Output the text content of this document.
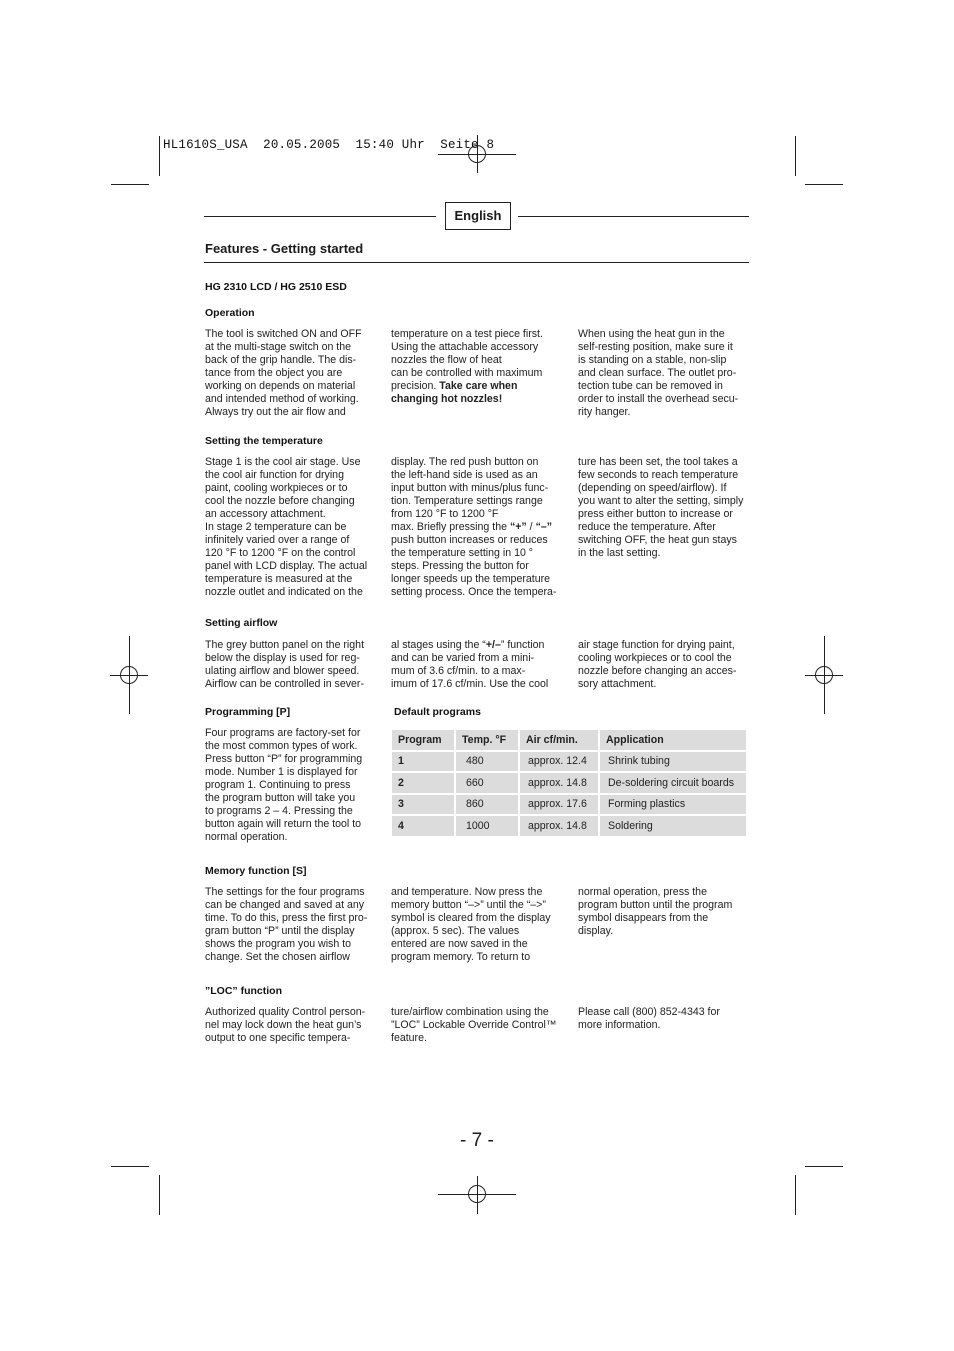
HL1610S_USA  20.05.2005  15:40 Uhr  Seite 8
English
Features - Getting started
HG 2310 LCD / HG 2510 ESD
Operation
The tool is switched ON and OFF
at the multi-stage switch on the
back of the grip handle. The dis-
tance from the object you are
working on depends on material
and intended method of working.
Always try out the air flow and
temperature on a test piece first.
Using the attachable accessory
nozzles the flow of heat
can be controlled with maximum
precision. Take care when
changing hot nozzles!
When using the heat gun in the
self-resting position, make sure it
is standing on a stable, non-slip
and clean surface. The outlet pro-
tection tube can be removed in
order to install the overhead secu-
rity hanger.
Setting the temperature
Stage 1 is the cool air stage. Use
the cool air function for drying
paint, cooling workpieces or to
cool the nozzle before changing
an accessory attachment.
In stage 2 temperature can be
infinitely varied over a range of
120 °F to 1200 °F on the control
panel with LCD display. The actual
temperature is measured at the
nozzle outlet and indicated on the
display. The red push button on
the left-hand side is used as an
input button with minus/plus func-
tion. Temperature settings range
from 120 °F to 1200 °F
max. Briefly pressing the “+” / “–”
push button increases or reduces
the temperature setting in 10 °
steps. Pressing the button for
longer speeds up the temperature
setting process. Once the tempera-
ture has been set, the tool takes a
few seconds to reach temperature
(depending on speed/airflow). If
you want to alter the setting, simply
press either button to increase or
reduce the temperature. After
switching OFF, the heat gun stays
in the last setting.
Setting airflow
The grey button panel on the right
below the display is used for reg-
ulating airflow and blower speed.
Airflow can be controlled in sever-
al stages using the “+/–” function
and can be varied from a mini-
mum of 3.6 cf/min. to a max-
imum of 17.6 cf/min. Use the cool
air stage function for drying paint,
cooling workpieces or to cool the
nozzle before changing an acces-
sory attachment.
Programming [P]
Four programs are factory-set for
the most common types of work.
Press button “P” for programming
mode. Number 1 is displayed for
program 1. Continuing to press
the program button will take you
to programs 2 – 4. Pressing the
button again will return the tool to
normal operation.
Default programs
Program	Temp. °F	Air cf/min.	Application
1	480	approx. 12.4	Shrink tubing
2	660	approx. 14.8	De-soldering circuit boards
3	860	approx. 17.6	Forming plastics
4	1000	approx. 14.8	Soldering
Memory function [S]
The settings for the four programs
can be changed and saved at any
time. To do this, press the first pro-
gram button “P” until the display
shows the program you wish to
change. Set the chosen airflow
and temperature. Now press the
memory button “–>” until the “–>”
symbol is cleared from the display
(approx. 5 sec). The values
entered are now saved in the
program memory. To return to
normal operation, press the
program button until the program
symbol disappears from the
display.
”LOC” function
Authorized quality Control person-
nel may lock down the heat gun’s
output to one specific tempera-
ture/airflow combination using the
”LOC” Lockable Override Control™
feature.
Please call (800) 852-4343 for
more information.
- 7 -
